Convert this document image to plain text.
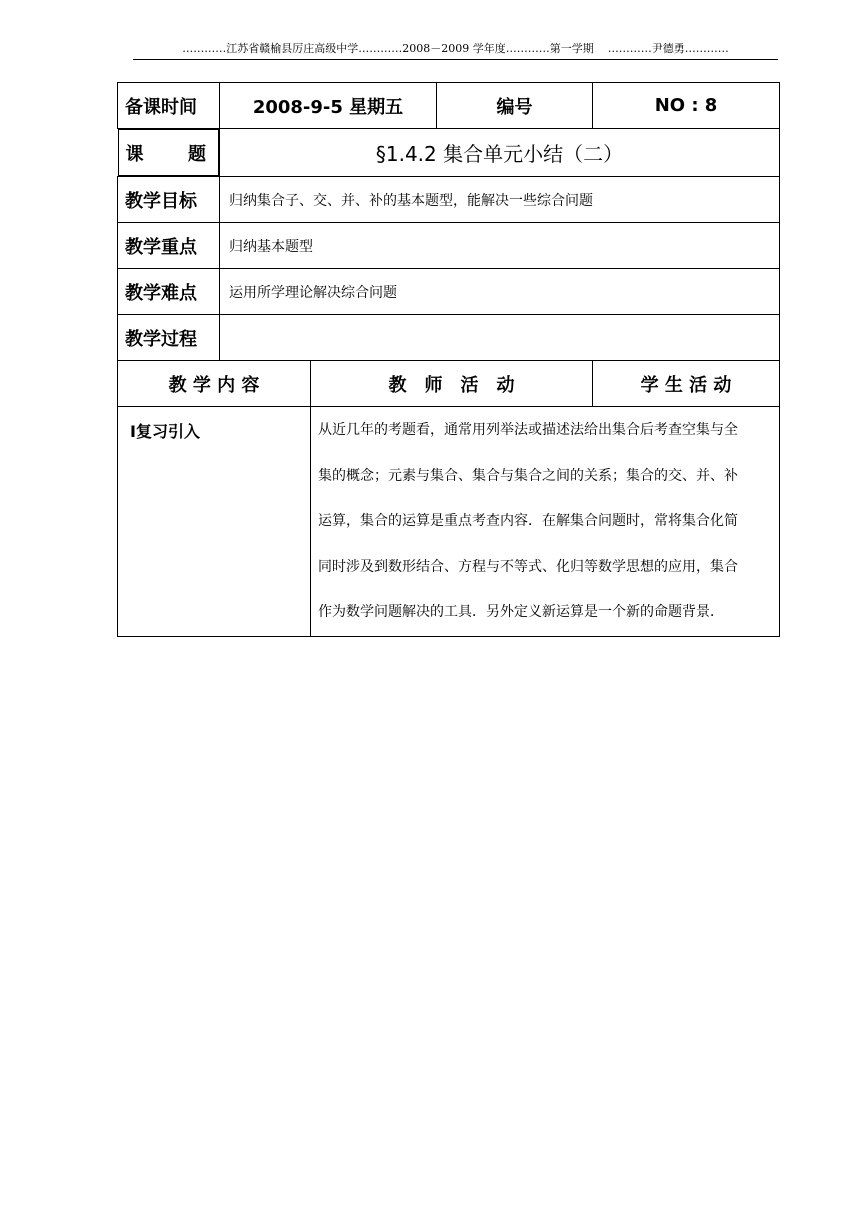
…………江苏省赣榆县厉庄高级中学…………2008－2009 学年度…………第一学期 …………尹德勇…………
备课时间	2008-9-5 星期五		编号	NO : 8

课 题	§1.4.2 集合单元小结（二）			
教学目标	归纳集合子、交、并、补的基本题型，能解决一些综合问题			
教学重点	归纳基本题型			
教学难点	运用所学理论解决综合问题			
教学过程				
教 学 内 容		教　师　活　动		学 生 活 动
Ⅰ复习引入		从近几年的考题看，通常用列举法或描述法给出集合后考查空集与全
集的概念；元素与集合、集合与集合之间的关系；集合的交、并、补
运算，集合的运算是重点考查内容．在解集合问题时，常将集合化简
同时涉及到数形结合、方程与不等式、化归等数学思想的应用，集合
作为数学问题解决的工具．另外定义新运算是一个新的命题背景．		
